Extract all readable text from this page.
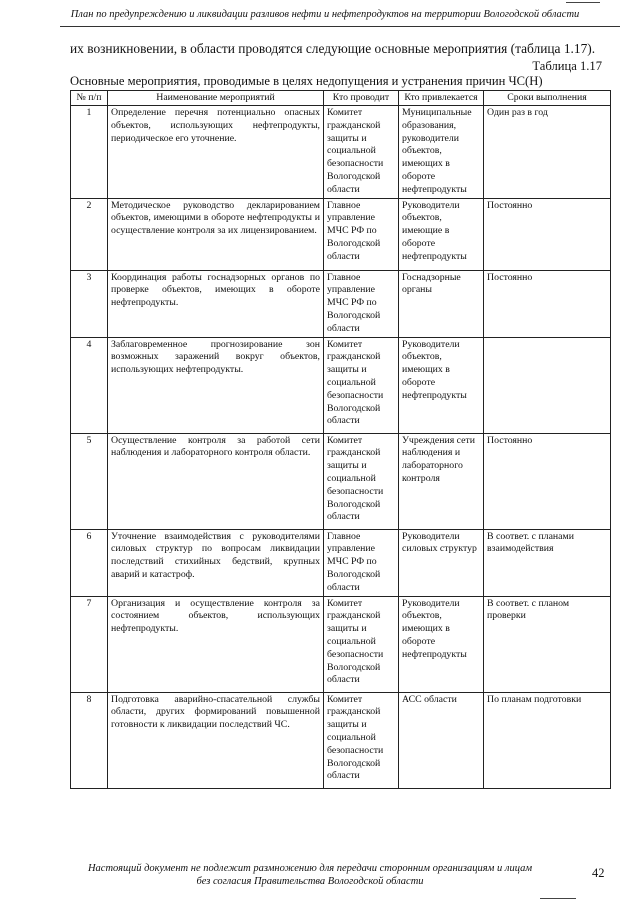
План по предупреждению и ликвидации разливов нефти и нефтепродуктов на территории Вологодской области
их возникновении, в области проводятся следующие основные мероприятия (таблица 1.17).
Таблица 1.17
Основные мероприятия, проводимые в целях недопущения и устранения причин ЧС(Н)
№ п/п	Наименование мероприятий	Кто проводит	Кто привлекается	Сроки выполнения
1	Определение перечня потенциально опасных объектов, использующих нефтепродукты, периодическое его уточнение.	Комитет гражданской защиты и социальной безопасности Вологодской области	Муниципальные образования, руководители объектов, имеющих в обороте нефтепродукты	Один раз в год
2	Методическое руководство декларированием объектов, имеющими в обороте нефтепродукты и осуществление контроля за их лицензированием.	Главное управление МЧС РФ по Вологодской области	Руководители объектов, имеющие в обороте нефтепродукты	Постоянно
3	Координация работы госнадзорных органов по проверке объектов, имеющих в обороте нефтепродукты.	Главное управление МЧС РФ по Вологодской области	Госнадзорные органы	Постоянно
4	Заблаговременное прогнозирование зон возможных заражений вокруг объектов, использующих нефтепродукты.	Комитет гражданской защиты и социальной безопасности Вологодской области	Руководители объектов, имеющих в обороте нефтепродукты	
5	Осуществление контроля за работой сети наблюдения и лабораторного контроля области.	Комитет гражданской защиты и социальной безопасности Вологодской области	Учреждения сети наблюдения и лабораторного контроля	Постоянно
6	Уточнение взаимодействия с руководителями силовых структур по вопросам ликвидации последствий стихийных бедствий, крупных аварий и катастроф.	Главное управление МЧС РФ по Вологодской области	Руководители силовых структур	В соответ. с планами взаимодействия
7	Организация и осуществление контроля за состоянием объектов, использующих нефтепродукты.	Комитет гражданской защиты и социальной безопасности Вологодской области	Руководители объектов, имеющих в обороте нефтепродукты	В соответ. с планом проверки
8	Подготовка аварийно-спасательной службы области, других формирований повышенной готовности к ликвидации последствий ЧС.	Комитет гражданской защиты и социальной безопасности Вологодской области	АСС области	По планам подготовки
Настоящий документ не подлежит размножению для передачи сторонним организациям и лицам
без согласия Правительства Вологодской области
42
